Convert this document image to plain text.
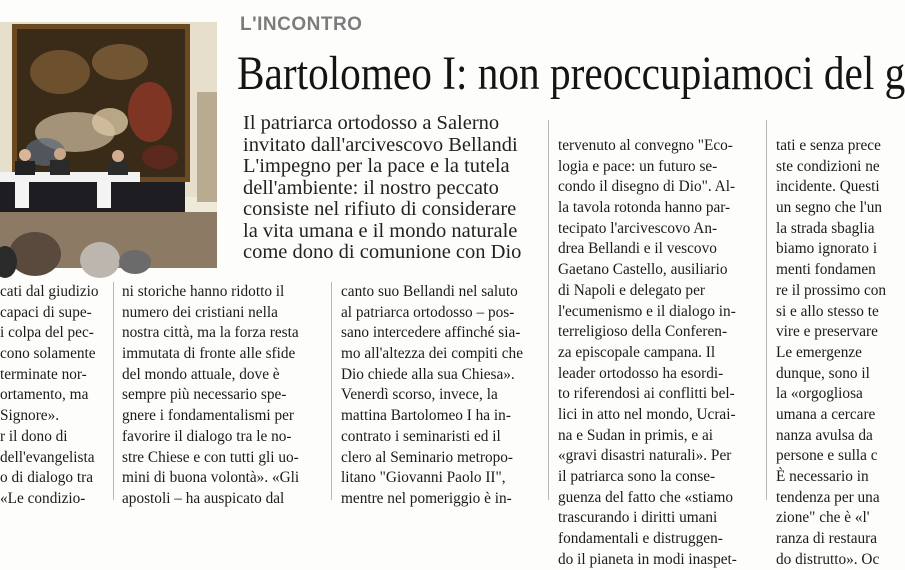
L'INCONTRO
Bartolomeo I: non preoccupiamoci del g
Il patriarca ortodosso a Salerno
invitato dall'arcivescovo Bellandi
L'impegno per la pace e la tutela
dell'ambiente: il nostro peccato
consiste nel rifiuto di considerare
la vita umana e il mondo naturale
come dono di comunione con Dio
cati dal giudizio
capaci di supe-
i colpa del pec-
cono solamente
terminate nor-
ortamento, ma
Signore».
r il dono di
dell'evangelista
o di dialogo tra
«Le condizio-
ni storiche hanno ridotto il
numero dei cristiani nella
nostra città, ma la forza resta
immutata di fronte alle sfide
del mondo attuale, dove è
sempre più necessario spe-
gnere i fondamentalismi per
favorire il dialogo tra le no-
stre Chiese e con tutti gli uo-
mini di buona volontà». «Gli
apostoli – ha auspicato dal
canto suo Bellandi nel saluto
al patriarca ortodosso – pos-
sano intercedere affinché sia-
mo all'altezza dei compiti che
Dio chiede alla sua Chiesa».
Venerdì scorso, invece, la
mattina Bartolomeo I ha in-
contrato i seminaristi ed il
clero al Seminario metropo-
litano "Giovanni Paolo II",
mentre nel pomeriggio è in-
tervenuto al convegno "Eco-
logia e pace: un futuro se-
condo il disegno di Dio". Al-
la tavola rotonda hanno par-
tecipato l'arcivescovo An-
drea Bellandi e il vescovo
Gaetano Castello, ausiliario
di Napoli e delegato per
l'ecumenismo e il dialogo in-
terreligioso della Conferen-
za episcopale campana. Il
leader ortodosso ha esordi-
to riferendosi ai conflitti bel-
lici in atto nel mondo, Ucrai-
na e Sudan in primis, e ai
«gravi disastri naturali». Per
il patriarca sono la conse-
guenza del fatto che «stiamo
trascurando i diritti umani
fondamentali e distruggen-
do il pianeta in modi inaspet-
tati e senza prece
ste condizioni ne
incidente. Questi
un segno che l'un
la strada sbaglia
biamo ignorato i
menti fondamen
re il prossimo con
si e allo stesso te
vire e preservare
Le emergenze
dunque, sono il
la «orgogliosa
umana a cercare
nanza avulsa da
persone e sulla c
È necessario in
tendenza per una
zione" che è «l'
ranza di restaura
do distrutto». Oc
